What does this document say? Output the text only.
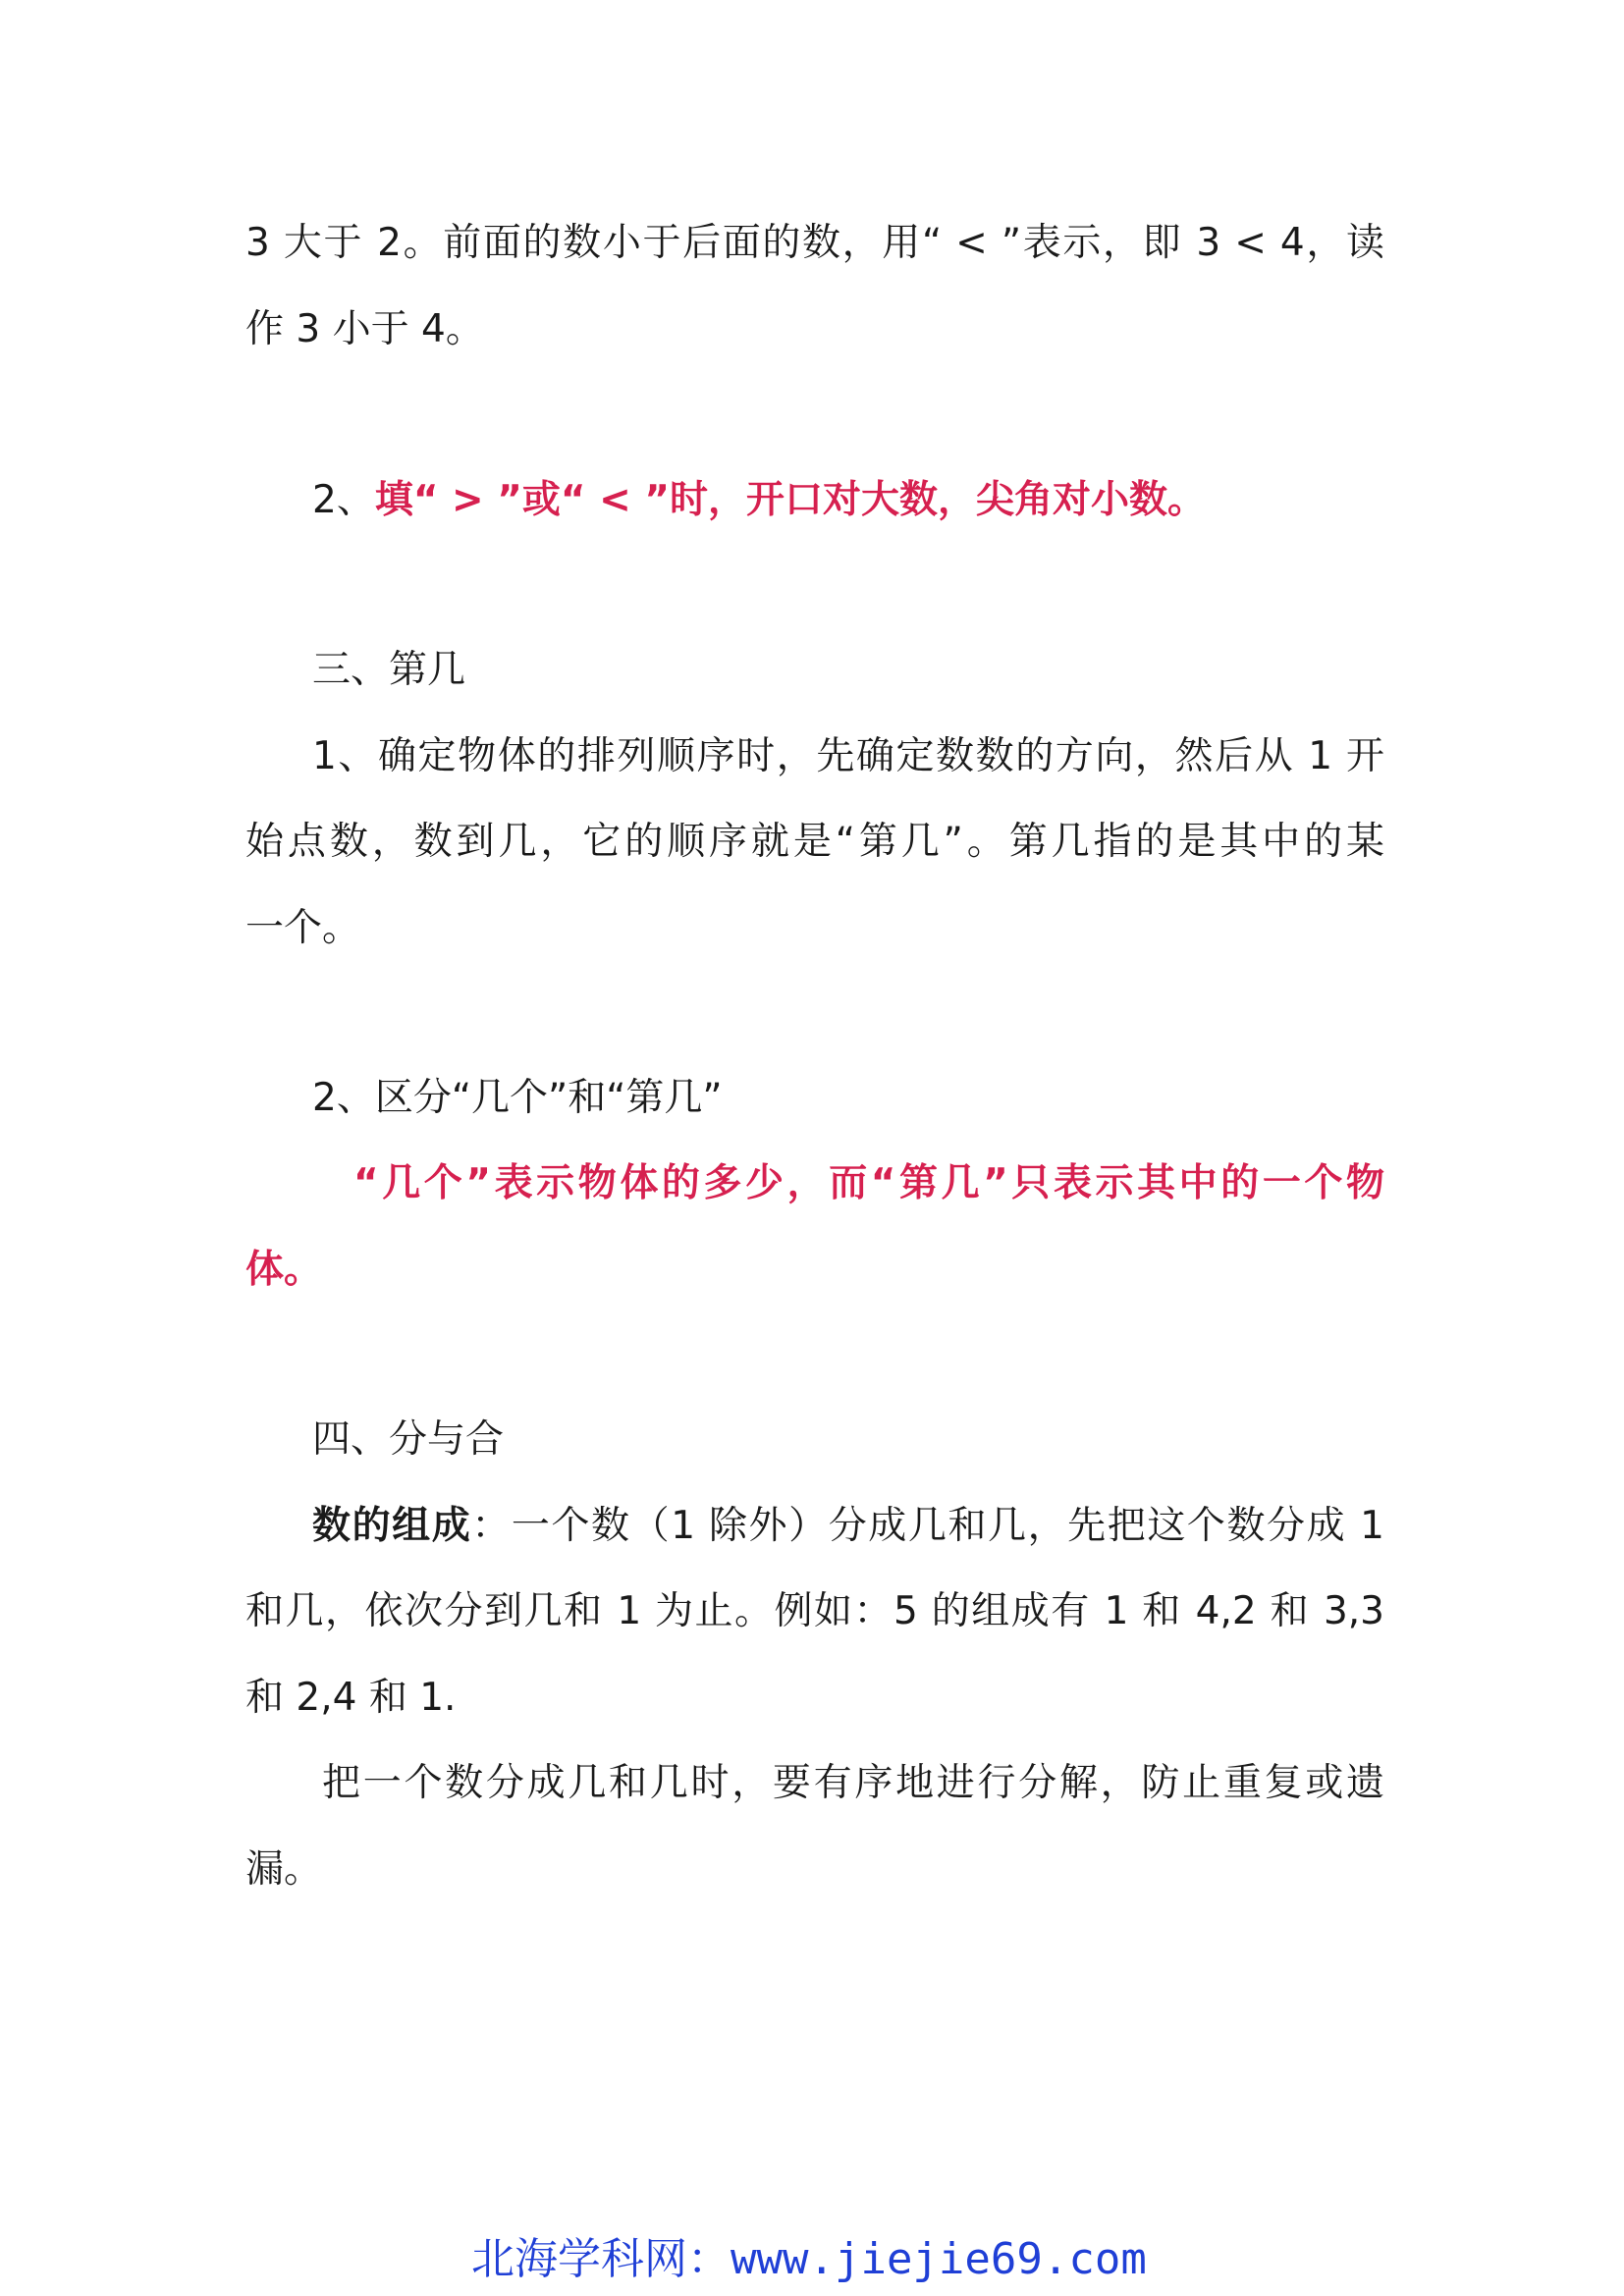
3 大于 2。前面的数小于后面的数，用“ < ”表示，即 3 < 4，读
作 3 小于 4。
2、填“ > ”或“ < ”时，开口对大数，尖角对小数。
三、第几
1、确定物体的排列顺序时，先确定数数的方向，然后从 1 开
始点数，数到几，它的顺序就是“第几”。第几指的是其中的某
一个。
2、区分“几个”和“第几”
“几个”表示物体的多少，而“第几”只表示其中的一个物
体。
四、分与合
数的组成：一个数（1 除外）分成几和几，先把这个数分成 1
和几，依次分到几和 1 为止。例如：5 的组成有 1 和 4,2 和 3,3
和 2,4 和 1.
把一个数分成几和几时，要有序地进行分解，防止重复或遗
漏。
北海学科网：www.jiejie69.com
